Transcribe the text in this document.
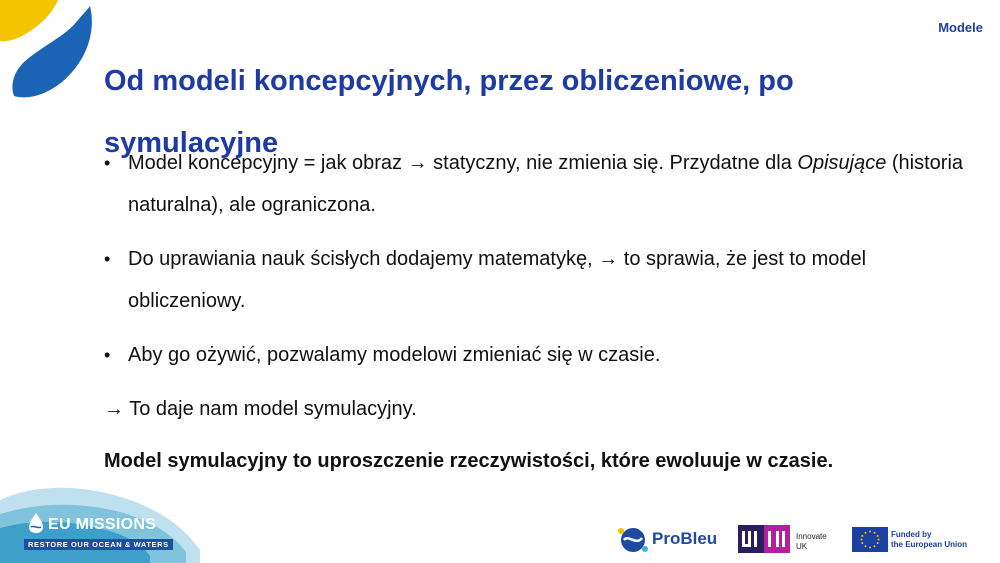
Modele
Od modeli koncepcyjnych, przez obliczeniowe, po symulacyjne
• Model koncepcyjny = jak obraz → statyczny, nie zmienia się. Przydatne dla Opisujące (historia naturalna), ale ograniczona.
• Do uprawiania nauk ścisłych dodajemy matematykę, → to sprawia, że jest to model obliczeniowy.
• Aby go ożywić, pozwalamy modelowi zmieniać się w czasie.
→ To daje nam model symulacyjny.
Model symulacyjny to uproszczenie rzeczywistości, które ewoluuje w czasie.
EU MISSIONS
RESTORE OUR OCEAN & WATERS	ProBleu	Innovate
UK
Funded by
the European Union
